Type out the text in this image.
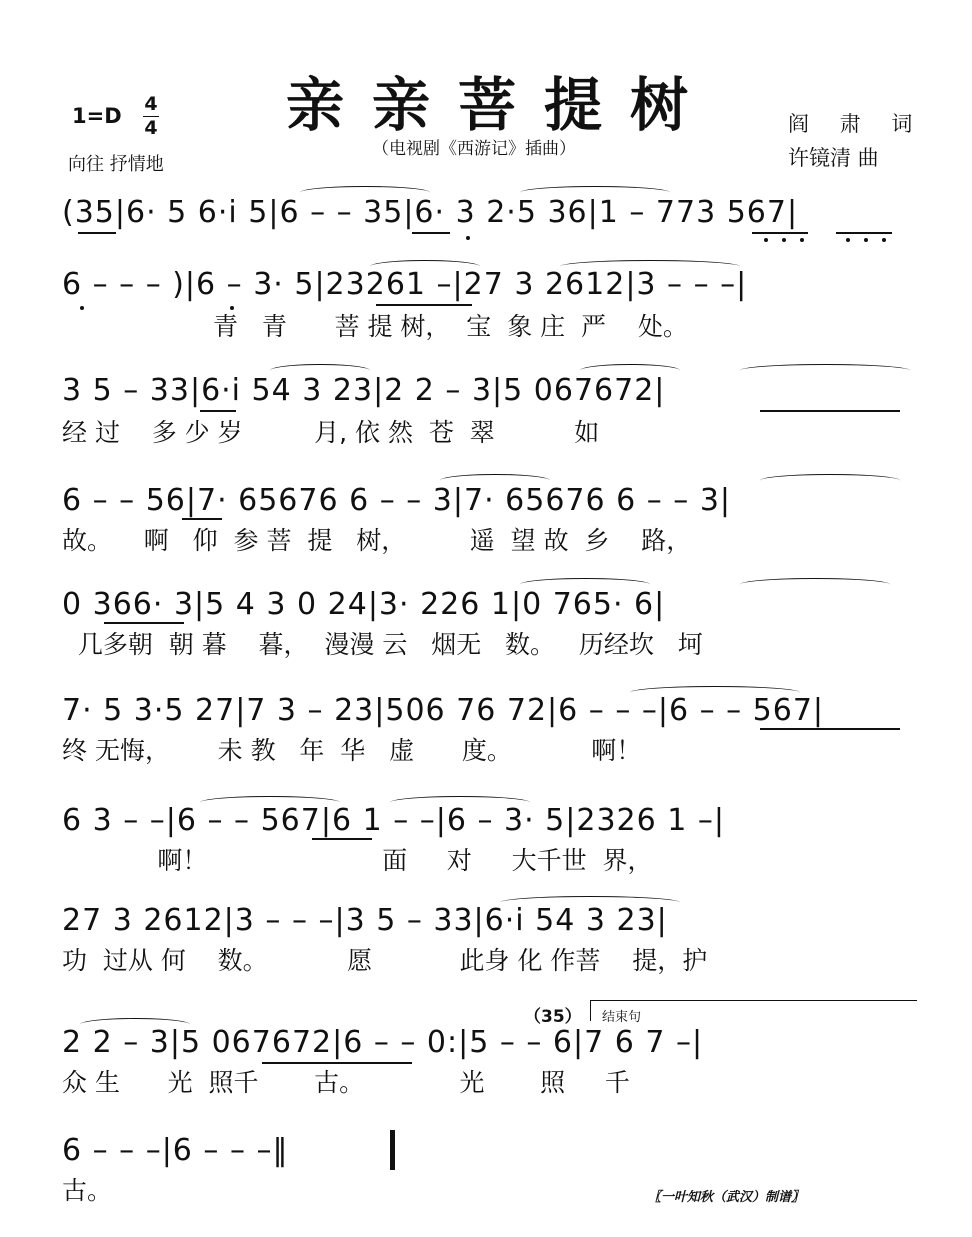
亲亲菩提树
（电视剧《西游记》插曲）
1=D 4
4
向往 抒情地
阎 肃 词
许镜清 曲
(35|6· 5 6·i 5|6 – – 35|6· 3 2·5 36|1 – 773 567|
6 – – – )|6 – 3· 5|23261 –|27 3 2612|3 – – –|
青   青      菩 提 树，  宝  象 庄  严    处。
3 5 – 33|6·i 54 3 23|2 2 – 3|5 067672|
经 过    多 少 岁         月, 依 然  苍  翠          如
6 – – 56|7· 65676 6 – – 3|7· 65676 6 – – 3|
故。    啊   仰  参 菩  提   树，        遥  望 故  乡    路，
0 366· 3|5 4 3 0 24|3· 226 1|0 765· 6|
几多朝  朝 暮    暮，  漫漫 云   烟无   数。   历经坎   坷
7· 5 3·5 27|7 3 – 23|506 76 72|6 – – –|6 – – 567|
终 无悔，      未 教   年  华   虚      度。          啊！
6 3 – –|6 – – 567|6 1 – –|6 – 3· 5|2326 1 –|
啊！                      面     对     大千世  界，
27 3 2612|3 – – –|3 5 – 33|6·i 54 3 23|
功  过从 何    数。          愿           此身 化 作菩    提，护
（35） 结束句
2 2 – 3|5 067672|6 – – 0:|5 – – 6|7 6 7 –|
众 生      光  照千       古。            光       照     千
6 – – –|6 – – –‖
古。	〖一叶知秋（武汉）制谱〗
